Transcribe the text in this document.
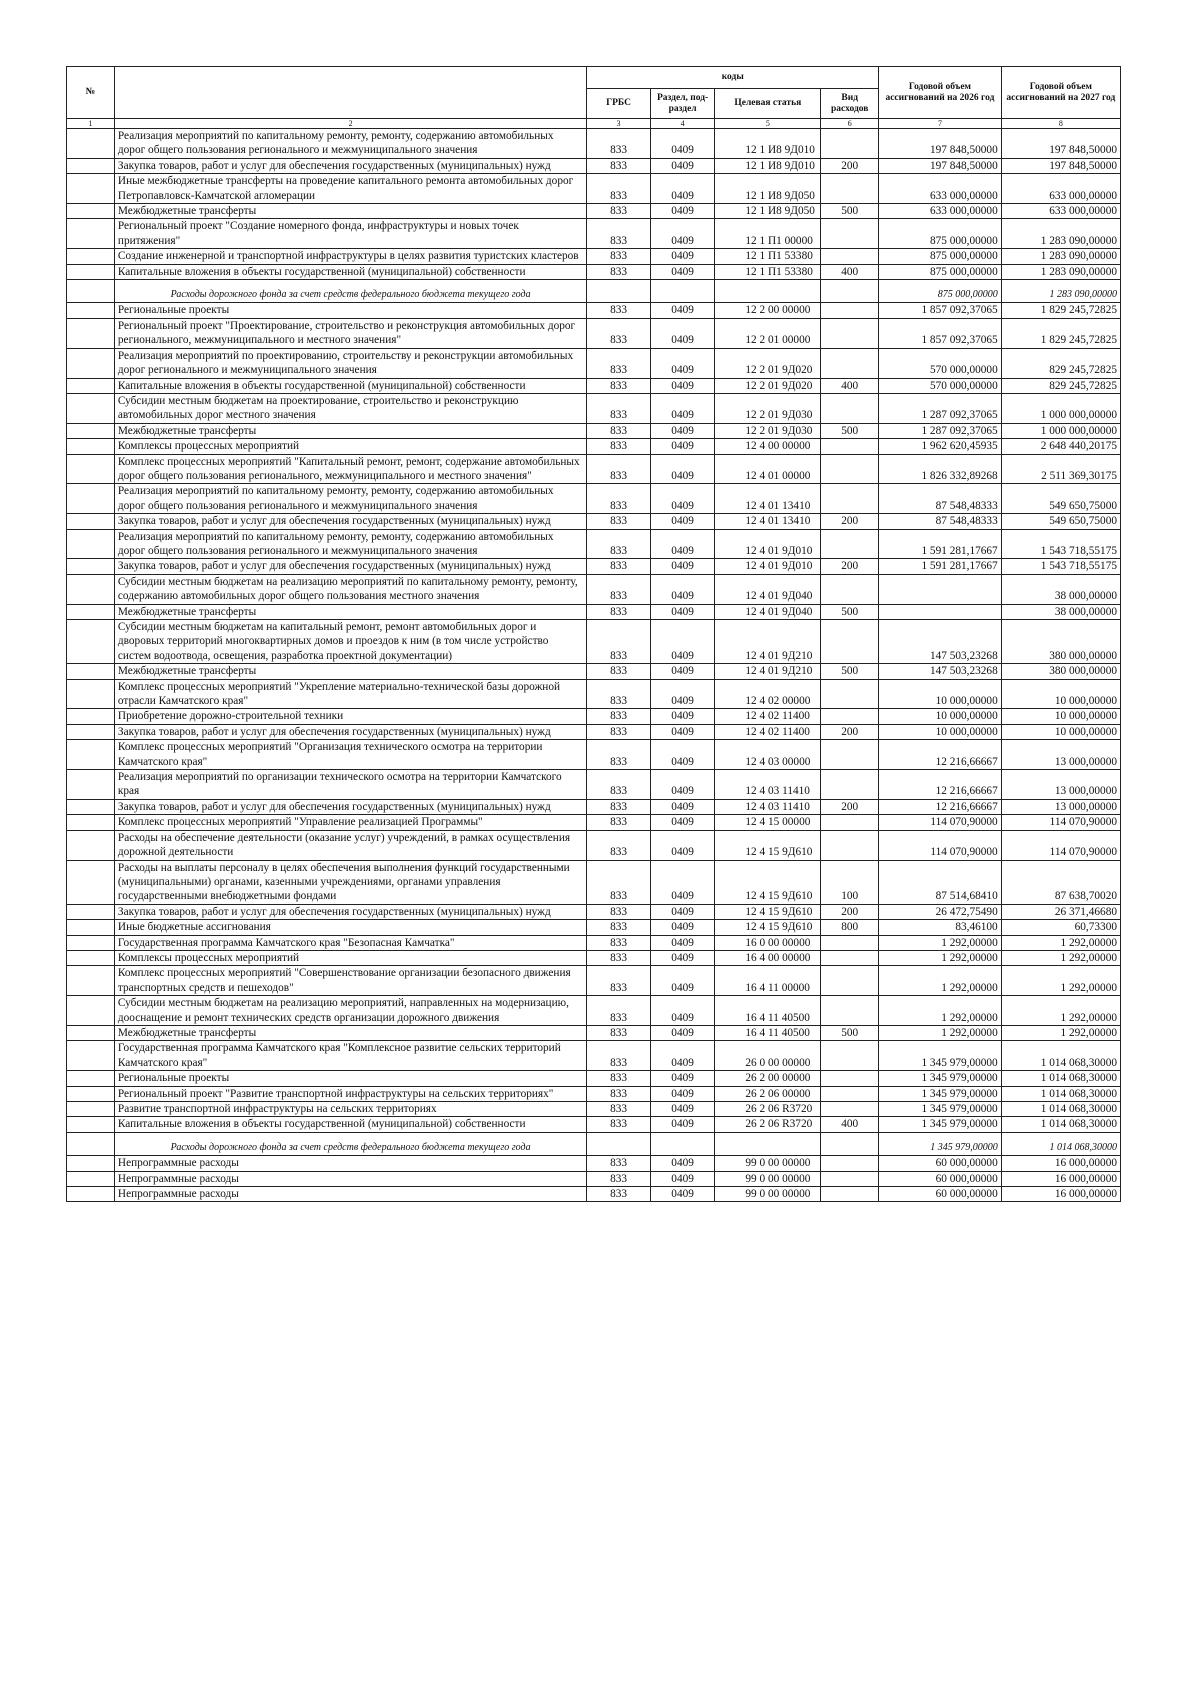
№		коды				Годовой объем ассигнований на 2026 год	Годовой объем ассигнований на 2027 год
		ГРБС	Раздел, под-раздел	Целевая статья	Вид расходов		
1	2	3	4	5	6	7	8
	Реализация мероприятий по капитальному ремонту, ремонту, содержанию автомобильных дорог общего пользования регионального и межмуниципального значения	833	0409	12 1 И8 9Д010		197 848,50000	197 848,50000
	Закупка товаров, работ и услуг для обеспечения государственных (муниципальных) нужд	833	0409	12 1 И8 9Д010	200	197 848,50000	197 848,50000
	Иные межбюджетные трансферты на проведение капитального ремонта автомобильных дорог Петропавловск-Камчатской агломерации	833	0409	12 1 И8 9Д050		633 000,00000	633 000,00000
	Межбюджетные трансферты	833	0409	12 1 И8 9Д050	500	633 000,00000	633 000,00000
	Региональный проект "Создание номерного фонда, инфраструктуры и новых точек притяжения"	833	0409	12 1 П1 00000		875 000,00000	1 283 090,00000
	Создание инженерной и транспортной инфраструктуры в целях развития туристских кластеров	833	0409	12 1 П1 53380		875 000,00000	1 283 090,00000
	Капитальные вложения в объекты государственной (муниципальной) собственности	833	0409	12 1 П1 53380	400	875 000,00000	1 283 090,00000
	Расходы дорожного фонда за счет средств федерального бюджета текущего года					875 000,00000	1 283 090,00000
	Региональные проекты	833	0409	12 2 00 00000		1 857 092,37065	1 829 245,72825
	Региональный проект "Проектирование, строительство и реконструкция автомобильных дорог регионального, межмуниципального и местного значения"	833	0409	12 2 01 00000		1 857 092,37065	1 829 245,72825
	Реализация мероприятий по проектированию, строительству и реконструкции автомобильных дорог регионального и межмуниципального значения	833	0409	12 2 01 9Д020		570 000,00000	829 245,72825
	Капитальные вложения в объекты государственной (муниципальной) собственности	833	0409	12 2 01 9Д020	400	570 000,00000	829 245,72825
	Субсидии местным бюджетам на проектирование, строительство и реконструкцию автомобильных дорог местного значения	833	0409	12 2 01 9Д030		1 287 092,37065	1 000 000,00000
	Межбюджетные трансферты	833	0409	12 2 01 9Д030	500	1 287 092,37065	1 000 000,00000
	Комплексы процессных мероприятий	833	0409	12 4 00 00000		1 962 620,45935	2 648 440,20175
	Комплекс процессных мероприятий "Капитальный ремонт, ремонт, содержание автомобильных дорог общего пользования регионального, межмуниципального и местного значения"	833	0409	12 4 01 00000		1 826 332,89268	2 511 369,30175
	Реализация мероприятий по капитальному ремонту, ремонту, содержанию автомобильных дорог общего пользования регионального и межмуниципального значения	833	0409	12 4 01 13410		87 548,48333	549 650,75000
	Закупка товаров, работ и услуг для обеспечения государственных (муниципальных) нужд	833	0409	12 4 01 13410	200	87 548,48333	549 650,75000
	Реализация мероприятий по капитальному ремонту, ремонту, содержанию автомобильных дорог общего пользования регионального и межмуниципального значения	833	0409	12 4 01 9Д010		1 591 281,17667	1 543 718,55175
	Закупка товаров, работ и услуг для обеспечения государственных (муниципальных) нужд	833	0409	12 4 01 9Д010	200	1 591 281,17667	1 543 718,55175
	Субсидии местным бюджетам на реализацию мероприятий по капитальному ремонту, ремонту, содержанию автомобильных дорог общего пользования местного значения	833	0409	12 4 01 9Д040			38 000,00000
	Межбюджетные трансферты	833	0409	12 4 01 9Д040	500		38 000,00000
	Субсидии местным бюджетам на капитальный ремонт, ремонт автомобильных дорог и дворовых территорий многоквартирных домов и проездов к ним (в том числе устройство систем водоотвода, освещения, разработка проектной документации)	833	0409	12 4 01 9Д210		147 503,23268	380 000,00000
	Межбюджетные трансферты	833	0409	12 4 01 9Д210	500	147 503,23268	380 000,00000
	Комплекс процессных мероприятий "Укрепление материально-технической базы дорожной отрасли Камчатского края"	833	0409	12 4 02 00000		10 000,00000	10 000,00000
	Приобретение дорожно-строительной техники	833	0409	12 4 02 11400		10 000,00000	10 000,00000
	Закупка товаров, работ и услуг для обеспечения государственных (муниципальных) нужд	833	0409	12 4 02 11400	200	10 000,00000	10 000,00000
	Комплекс процессных мероприятий "Организация технического осмотра на территории Камчатского края"	833	0409	12 4 03 00000		12 216,66667	13 000,00000
	Реализация мероприятий по организации технического осмотра на территории Камчатского края	833	0409	12 4 03 11410		12 216,66667	13 000,00000
	Закупка товаров, работ и услуг для обеспечения государственных (муниципальных) нужд	833	0409	12 4 03 11410	200	12 216,66667	13 000,00000
	Комплекс процессных мероприятий "Управление реализацией Программы"	833	0409	12 4 15 00000		114 070,90000	114 070,90000
	Расходы на обеспечение деятельности (оказание услуг) учреждений, в рамках осуществления дорожной деятельности	833	0409	12 4 15 9Д610		114 070,90000	114 070,90000
	Расходы на выплаты персоналу в целях обеспечения выполнения функций государственными (муниципальными) органами, казенными учреждениями, органами управления государственными внебюджетными фондами	833	0409	12 4 15 9Д610	100	87 514,68410	87 638,70020
	Закупка товаров, работ и услуг для обеспечения государственных (муниципальных) нужд	833	0409	12 4 15 9Д610	200	26 472,75490	26 371,46680
	Иные бюджетные ассигнования	833	0409	12 4 15 9Д610	800	83,46100	60,73300
	Государственная программа Камчатского края "Безопасная Камчатка"	833	0409	16 0 00 00000		1 292,00000	1 292,00000
	Комплексы процессных мероприятий	833	0409	16 4 00 00000		1 292,00000	1 292,00000
	Комплекс процессных мероприятий "Совершенствование организации безопасного движения транспортных средств и пешеходов"	833	0409	16 4 11 00000		1 292,00000	1 292,00000
	Субсидии местным бюджетам на реализацию мероприятий, направленных на модернизацию, дооснащение и ремонт технических средств организации дорожного движения	833	0409	16 4 11 40500		1 292,00000	1 292,00000
	Межбюджетные трансферты	833	0409	16 4 11 40500	500	1 292,00000	1 292,00000
	Государственная программа Камчатского края "Комплексное развитие сельских территорий Камчатского края"	833	0409	26 0 00 00000		1 345 979,00000	1 014 068,30000
	Региональные проекты	833	0409	26 2 00 00000		1 345 979,00000	1 014 068,30000
	Региональный проект "Развитие транспортной инфраструктуры на сельских территориях"	833	0409	26 2 06 00000		1 345 979,00000	1 014 068,30000
	Развитие транспортной инфраструктуры на сельских территориях	833	0409	26 2 06 R3720		1 345 979,00000	1 014 068,30000
	Капитальные вложения в объекты государственной (муниципальной) собственности	833	0409	26 2 06 R3720	400	1 345 979,00000	1 014 068,30000
	Расходы дорожного фонда за счет средств федерального бюджета текущего года					1 345 979,00000	1 014 068,30000
	Непрограммные расходы	833	0409	99 0 00 00000		60 000,00000	16 000,00000
	Непрограммные расходы	833	0409	99 0 00 00000		60 000,00000	16 000,00000
	Непрограммные расходы	833	0409	99 0 00 00000		60 000,00000	16 000,00000
